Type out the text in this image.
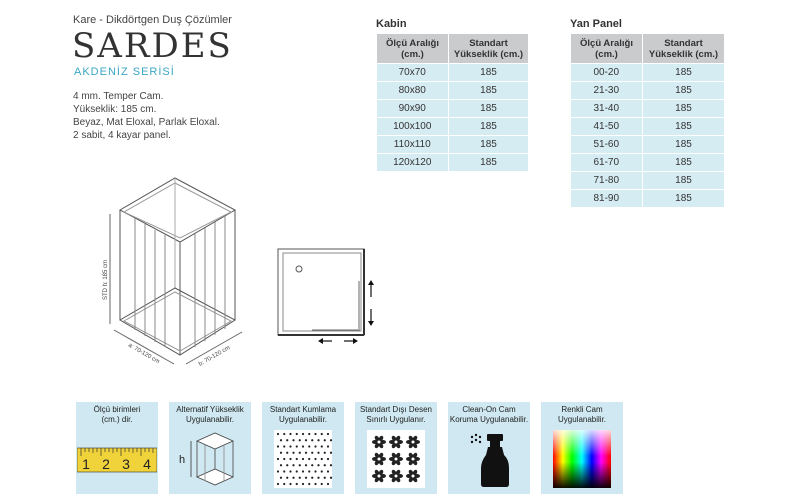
Kare - Dikdörtgen Duş Çözümler
SARDES
AKDENİZ SERİSİ
4 mm. Temper Cam.
Yükseklik: 185 cm.
Beyaz, Mat Eloxal, Parlak Eloxal.
2 sabit, 4 kayar panel.
Kabin
Ölçü Aralığı (cm.)	Standart Yükseklik (cm.)
70x70	185
80x80	185
90x90	185
100x100	185
110x110	185
120x120	185
Yan Panel
Ölçü Aralığı (cm.)	Standart Yükseklik (cm.)
00-20	185
21-30	185
31-40	185
41-50	185
51-60	185
61-70	185
71-80	185
81-90	185
STD h: 185 cm
a: 70-120 cm	b: 70-120 cm
Ölçü birimleri
(cm.) dir.
1 2 3 4
Alternatif Yükseklik
Uygulanabilir.
h
Standart Kumlama
Uygulanabilir.
Standart Dışı Desen
Sınırlı Uygulanır.
Clean-On Cam
Koruma Uygulanabilir.
Renkli Cam
Uygulanabilir.
